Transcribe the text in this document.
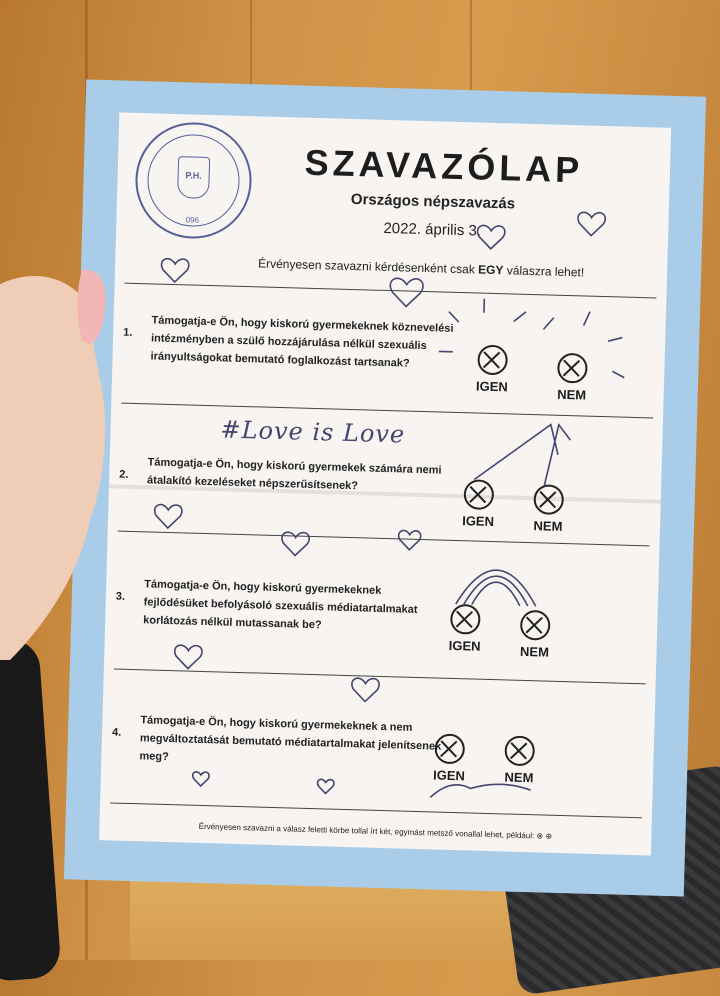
P.H.
096
SZAVAZÓLAP
Országos népszavazás
2022. április 3.
Érvényesen szavazni kérdésenként csak EGY válaszra lehet!
1. Támogatja-e Ön, hogy kiskorú gyermekeknek köznevelési intézményben a szülő hozzájárulása nélkül szexuális irányultságokat bemutató foglalkozást tartsanak?
IGEN
NEM
#Love is Love
2. Támogatja-e Ön, hogy kiskorú gyermekek számára nemi átalakító kezeléseket népszerűsítsenek?
IGEN	NEM
3. Támogatja-e Ön, hogy kiskorú gyermekeknek fejlődésüket befolyásoló szexuális médiatartalmakat korlátozás nélkül mutassanak be?
IGEN	NEM
4. Támogatja-e Ön, hogy kiskorú gyermekeknek a nem megváltoztatását bemutató médiatartalmakat jelenítsenek meg?
IGEN	NEM
Érvényesen szavazni a válasz feletti körbe tollal írt két, egymást metsző vonallal lehet, például: ⊗ ⊕
